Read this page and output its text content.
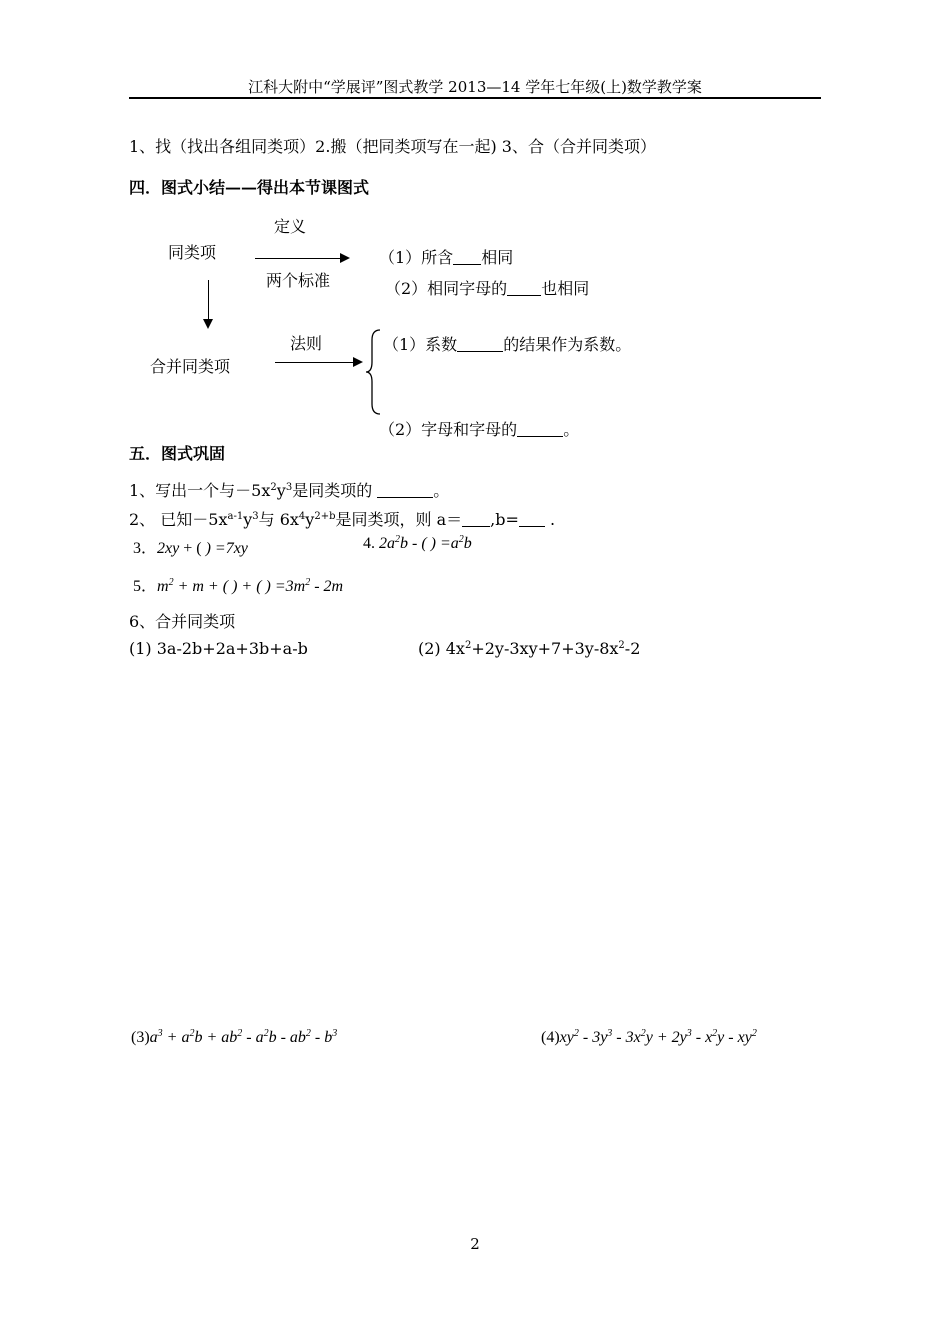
江科大附中“学展评”图式教学 2013—14 学年七年级(上)数学教学案
1、找（找出各组同类项）2.搬（把同类项写在一起) 3、合（合并同类项）
四．图式小结——得出本节课图式
定义
同类项
两个标准
（1）所含 相同
（2）相同字母的 也相同
法则
合并同类项
（1）系数	的结果作为系数。
（2）字母和字母的	。
五．图式巩固
1、写出一个与$-5x^2y^3$是同类项的	。
2、 已知$-5x^{a-1}y^3$与 $6x^4y^{2+b}$是同类项，则 a＝ ,b= .
3．2xy + ( ) =7xy	4. $2a^2b$ - ( ) $=a^2b$
5．$m^2 + m$ + ( ) + ( ) $=3m^2 - 2m$
6、合并同类项
(1) 3a-2b+2a+3b+a-b	(2) $4x^2+2y-3xy+7+3y-8x^2-2$
$(3)a^3 + a^2b + ab^2 - a^2b - ab^2 - b^3$	$(4)xy^2 - 3y^3 - 3x^2y + 2y^3 - x^2y - xy^2$
2
